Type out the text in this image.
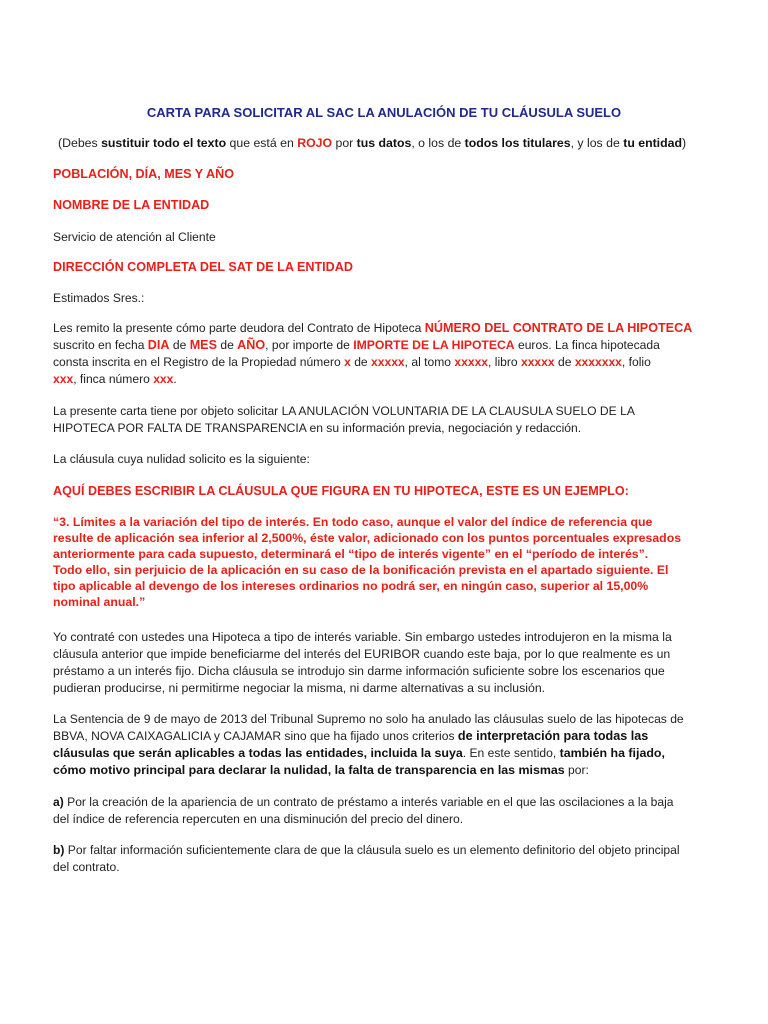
CARTA PARA SOLICITAR AL SAC LA ANULACIÓN DE TU CLÁUSULA SUELO
(Debes sustituir todo el texto que está en ROJO por tus datos, o los de todos los titulares, y los de tu entidad)
POBLACIÓN, DÍA, MES Y AÑO
NOMBRE DE LA ENTIDAD
Servicio de atención al Cliente
DIRECCIÓN COMPLETA DEL SAT DE LA ENTIDAD
Estimados Sres.:
Les remito la presente cómo parte deudora del Contrato de Hipoteca NÚMERO DEL CONTRATO DE LA HIPOTECA
suscrito en fecha DIA de MES de AÑO, por importe de IMPORTE DE LA HIPOTECA euros. La finca hipotecada
consta inscrita en el Registro de la Propiedad número x de xxxxx, al tomo xxxxx, libro xxxxx de xxxxxxx, folio
xxx, finca número xxx.
La presente carta tiene por objeto solicitar LA ANULACIÓN VOLUNTARIA DE LA CLAUSULA SUELO DE LA
HIPOTECA POR FALTA DE TRANSPARENCIA en su información previa, negociación y redacción.
La cláusula cuya nulidad solicito es la siguiente:
AQUÍ DEBES ESCRIBIR LA CLÁUSULA QUE FIGURA EN TU HIPOTECA, ESTE ES UN EJEMPLO:
“3. Límites a la variación del tipo de interés. En todo caso, aunque el valor del índice de referencia que
resulte de aplicación sea inferior al 2,500%, éste valor, adicionado con los puntos porcentuales expresados
anteriormente para cada supuesto, determinará el “tipo de interés vigente” en el “período de interés”.
Todo ello, sin perjuicio de la aplicación en su caso de la bonificación prevista en el apartado siguiente. El
tipo aplicable al devengo de los intereses ordinarios no podrá ser, en ningún caso, superior al 15,00%
nominal anual.”
Yo contraté con ustedes una Hipoteca a tipo de interés variable. Sin embargo ustedes introdujeron en la misma la
cláusula anterior que impide beneficiarme del interés del EURIBOR cuando este baja, por lo que realmente es un
préstamo a un interés fijo. Dicha cláusula se introdujo sin darme información suficiente sobre los escenarios que
pudieran producirse, ni permitirme negociar la misma, ni darme alternativas a su inclusión.
La Sentencia de 9 de mayo de 2013 del Tribunal Supremo no solo ha anulado las cláusulas suelo de las hipotecas de
BBVA, NOVA CAIXAGALICIA y CAJAMAR sino que ha fijado unos criterios de interpretación para todas las
cláusulas que serán aplicables a todas las entidades, incluida la suya. En este sentido, también ha fijado,
cómo motivo principal para declarar la nulidad, la falta de transparencia en las mismas por:
a) Por la creación de la apariencia de un contrato de préstamo a interés variable en el que las oscilaciones a la baja
del índice de referencia repercuten en una disminución del precio del dinero.
b) Por faltar información suficientemente clara de que la cláusula suelo es un elemento definitorio del objeto principal
del contrato.
